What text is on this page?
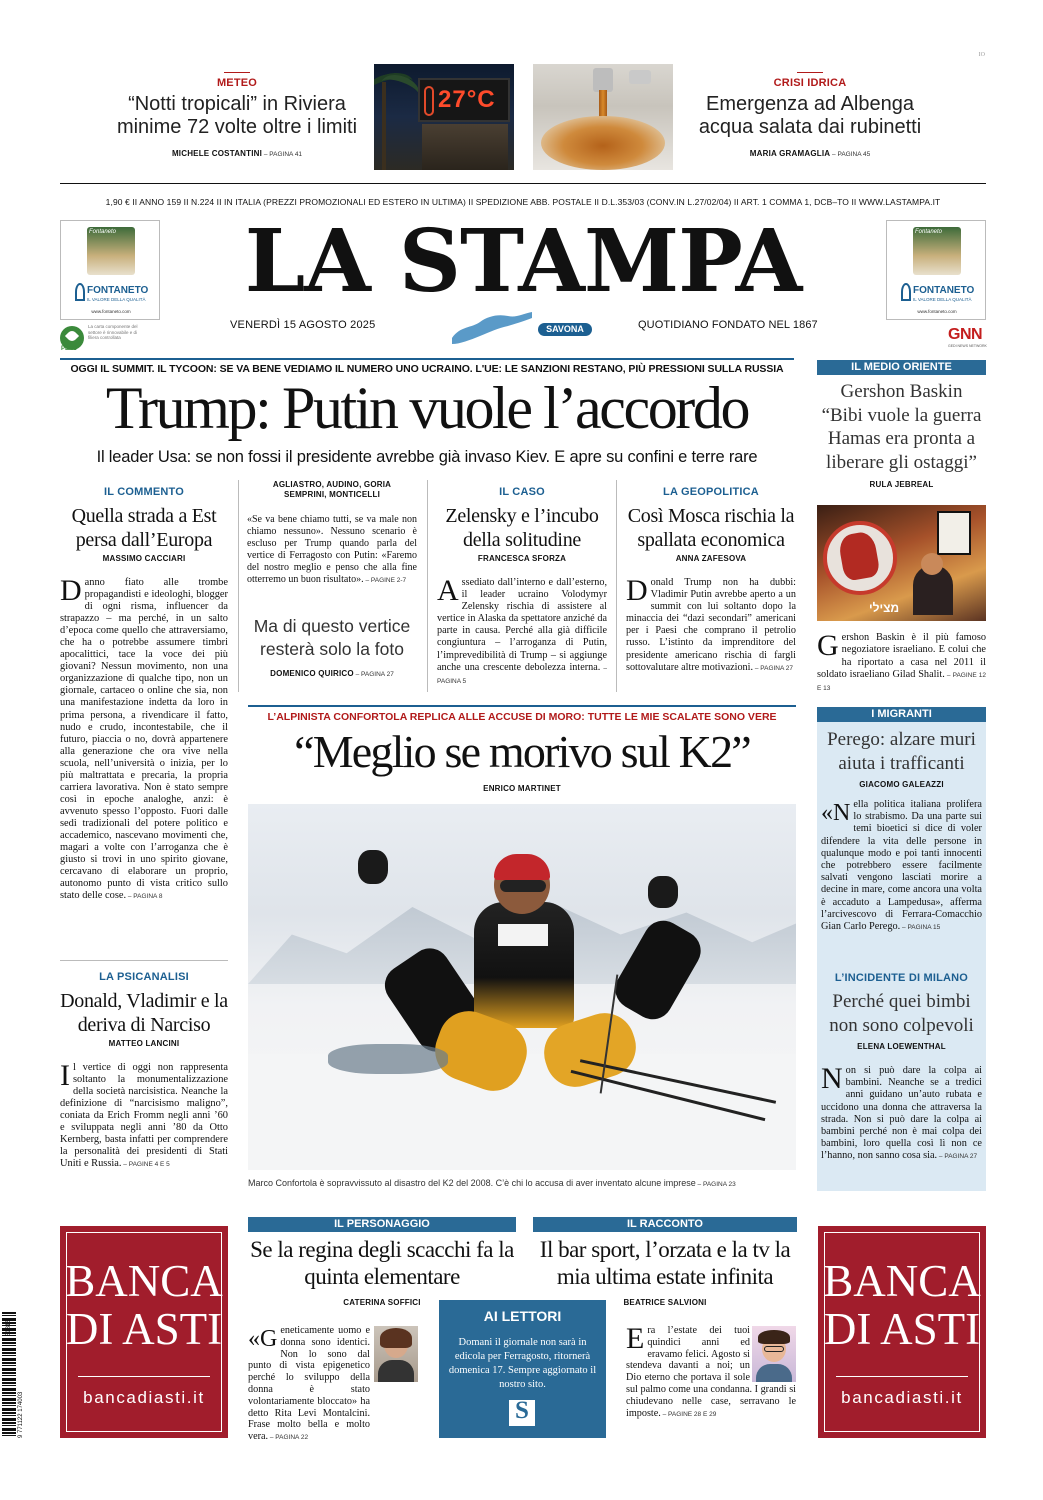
IO
METEO
“Notti tropicali” in Riviera minime 72 volte oltre i limiti
MICHELE COSTANTINI – PAGINA 41
27°C
CRISI IDRICA
Emergenza ad Albenga acqua salata dai rubinetti
MARIA GRAMAGLIA – PAGINA 45
1,90 € II ANNO 159 II N.224 II IN ITALIA (PREZZI PROMOZIONALI ED ESTERO IN ULTIMA) II SPEDIZIONE ABB. POSTALE II D.L.353/03 (CONV.IN L.27/02/04) II ART. 1 COMMA 1, DCB–TO II WWW.LASTAMPA.IT
Fontaneto
FONTANETO
IL VALORE DELLA QUALITÀ
www.fontaneto.com
PEFC
La carta componente del settore è rinnovabile e di filiera controllata
LA STAMPA
VENERDÌ 15 AGOSTO 2025	SAVONA	QUOTIDIANO FONDATO NEL 1867
Fontaneto
FONTANETO
IL VALORE DELLA QUALITÀ
www.fontaneto.com
GNN
GEDI NEWS NETWORK
OGGI IL SUMMIT. IL TYCOON: SE VA BENE VEDIAMO IL NUMERO UNO UCRAINO. L'UE: LE SANZIONI RESTANO, PIÙ PRESSIONI SULLA RUSSIA
Trump: Putin vuole l’accordo
Il leader Usa: se non fossi il presidente avrebbe già invaso Kiev. E apre su confini e terre rare
IL COMMENTO
Quella strada a Est persa dall’Europa
MASSIMO CACCIARI
Danno fiato alle trombe propagandisti e ideologhi, blogger di ogni risma, influencer da strapazzo – ma perché, in un salto d’epoca come quello che attraversiamo, che ha o potrebbe assumere timbri apocalittici, tace la voce dei più giovani? Nessun movimento, non una organizzazione di qualche tipo, non un giornale, cartaceo o online che sia, non una manifestazione indetta da loro in prima persona, a rivendicare il fatto, nudo e crudo, incontestabile, che il futuro, piaccia o no, dovrà appartenere alla generazione che ora vive nella scuola, nell’università o inizia, per lo più maltrattata e precaria, la propria carriera lavorativa. Non è stato sempre così in epoche analoghe, anzi: è avvenuto spesso l’opposto. Fuori dalle sedi tradizionali del potere politico e accademico, nascevano movimenti che, magari a volte con l’arroganza che è giusto si trovi in uno spirito giovane, cercavano di elaborare un proprio, autonomo punto di vista critico sullo stato delle cose. – PAGINA 8
AGLIASTRO, AUDINO, GORIA SEMPRINI, MONTICELLI
«Se va bene chiamo tutti, se va male non chiamo nessuno». Nessuno scenario è escluso per Trump quando parla del vertice di Ferragosto con Putin: «Faremo del nostro meglio e penso che alla fine otterremo un buon risultato». – PAGINE 2-7
Ma di questo vertice resterà solo la foto
DOMENICO QUIRICO – PAGINA 27
IL CASO
Zelensky e l’incubo della solitudine
FRANCESCA SFORZA
Assediato dall’interno e dall’esterno, il leader ucraino Volodymyr Zelensky rischia di assistere al vertice in Alaska da spettatore anziché da parte in causa. Perché alla già difficile congiuntura – l’arroganza di Putin, l’imprevedibilità di Trump – si aggiunge anche una crescente debolezza interna. – PAGINA 5
LA GEOPOLITICA
Così Mosca rischia la spallata economica
ANNA ZAFESOVA
Donald Trump non ha dubbi: Vladimir Putin avrebbe aperto a un summit con lui soltanto dopo la minaccia dei “dazi secondari” americani per i Paesi che comprano il petrolio russo. L’istinto da imprenditore del presidente americano rischia di fargli sottovalutare altre motivazioni. – PAGINA 27
IL MEDIO ORIENTE
Gershon Baskin “Bibi vuole la guerra Hamas era pronta a liberare gli ostaggi”
RULA JEBREAL
מצילי
Gershon Baskin è il più famoso negoziatore israeliano. E colui che ha riportato a casa nel 2011 il soldato israeliano Gilad Shalit. – PAGINE 12 E 13
I MIGRANTI
Perego: alzare muri aiuta i trafficanti
GIACOMO GALEAZZI
«Nella politica italiana prolifera lo strabismo. Da una parte sui temi bioetici si dice di voler difendere la vita delle persone in qualunque modo e poi tanti innocenti che potrebbero essere facilmente salvati vengono lasciati morire a decine in mare, come ancora una volta è accaduto a Lampedusa», afferma l’arcivescovo di Ferrara-Comacchio Gian Carlo Perego. – PAGINA 15
L’INCIDENTE DI MILANO
Perché quei bimbi non sono colpevoli
ELENA LOEWENTHAL
Non si può dare la colpa ai bambini. Neanche se a tredici anni guidano un’auto rubata e uccidono una donna che attraversa la strada. Non si può dare la colpa ai bambini perché non è mai colpa dei bambini, loro quella così lì non ce l’hanno, non sanno cosa sia. – PAGINA 27
LA PSICANALISI
Donald, Vladimir e la deriva di Narciso
MATTEO LANCINI
Il vertice di oggi non rappresenta soltanto la monumentalizzazione della società narcisistica. Neanche la definizione di “narcisismo maligno”, coniata da Erich Fromm negli anni ’60 e sviluppata negli anni ’80 da Otto Kernberg, basta infatti per comprendere la personalità dei presidenti di Stati Uniti e Russia. – PAGINE 4 E 5
L’ALPINISTA CONFORTOLA REPLICA ALLE ACCUSE DI MORO: TUTTE LE MIE SCALATE SONO VERE
“Meglio se morivo sul K2”
ENRICO MARTINET
Marco Confortola è sopravvissuto al disastro del K2 del 2008. C’è chi lo accusa di aver inventato alcune imprese – PAGINA 23
BANCA
DI ASTI
bancadiasti.it
9 771122 174003
50815
IL PERSONAGGIO
Se la regina degli scacchi fa la quinta elementare
CATERINA SOFFICI
«Geneticamente uomo e donna sono identici. Non lo sono dal punto di vista epigenetico perché lo sviluppo della donna è stato volontariamente bloccato» ha detto Rita Levi Montalcini. Frase molto bella e molto vera. – PAGINA 22
AI LETTORI
Domani il giornale non sarà in edicola per Ferragosto, ritornerà domenica 17. Sempre aggiornato il nostro sito.
S
IL RACCONTO
Il bar sport, l’orzata e la tv la mia ultima estate infinita
BEATRICE SALVIONI
Era l’estate dei tuoi quindici anni ed eravamo felici. Agosto si stendeva davanti a noi; un Dio eterno che portava il sole sul palmo come una condanna. I grandi si chiudevano nelle case, serravano le imposte. – PAGINE 28 E 29
BANCA
DI ASTI
bancadiasti.it
